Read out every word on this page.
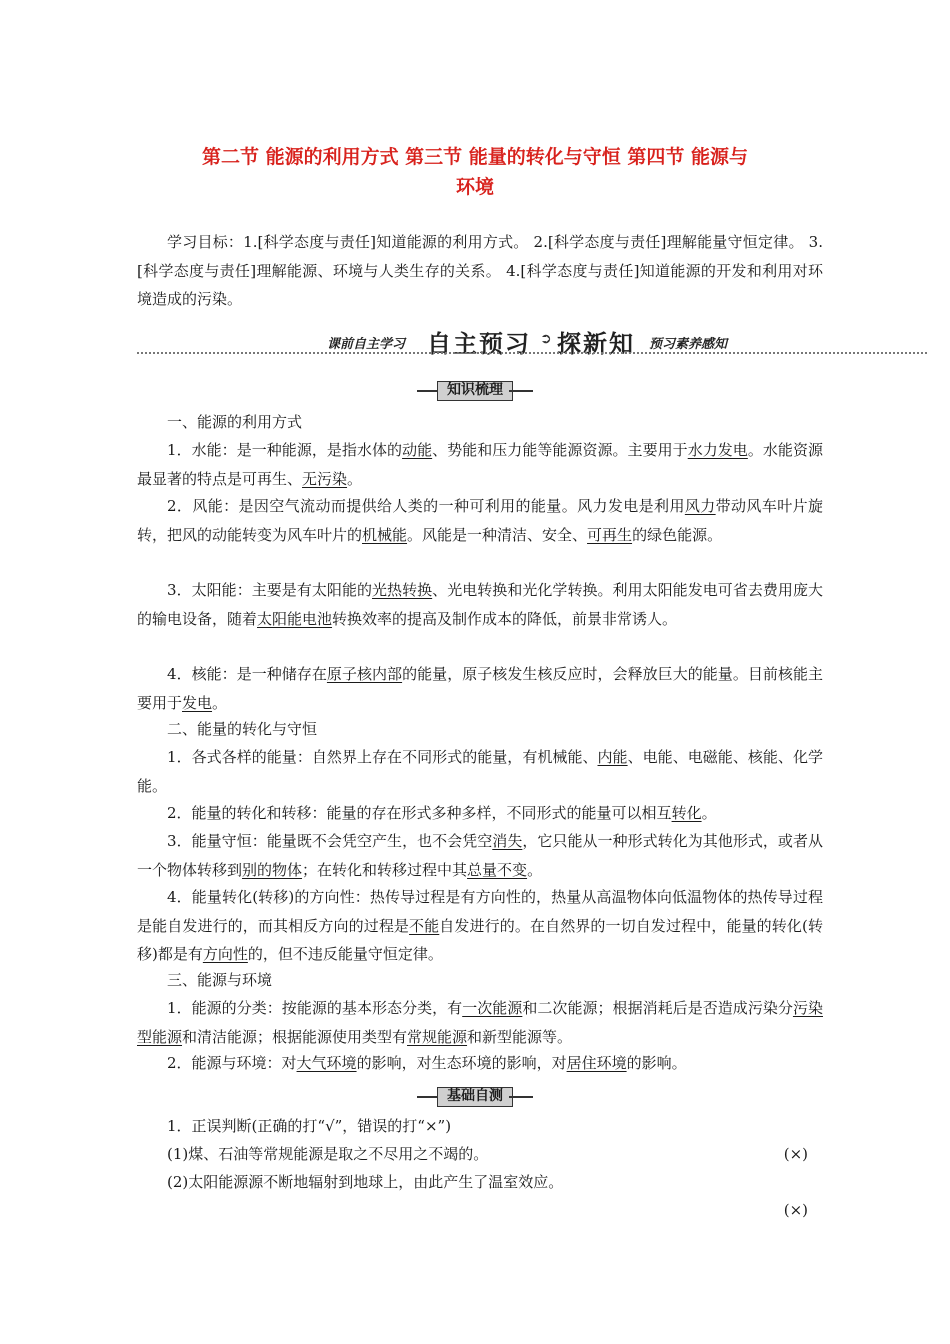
第二节 能源的利用方式 第三节 能量的转化与守恒 第四节 能源与
环境
学习目标：1.[科学态度与责任]知道能源的利用方式。 2.[科学态度与责任]理解能量守恒定律。 3.[科学态度与责任]理解能源、环境与人类生存的关系。 4.[科学态度与责任]知道能源的开发和利用对环境造成的污染。
课前自主学习 自主预习 ➲ 探新知 预习素养感知
知识梳理
一、能源的利用方式
1．水能：是一种能源，是指水体的动能、势能和压力能等能源资源。主要用于水力发电。水能资源最显著的特点是可再生、无污染。
2．风能：是因空气流动而提供给人类的一种可利用的能量。风力发电是利用风力带动风车叶片旋转，把风的动能转变为风车叶片的机械能。风能是一种清洁、安全、可再生的绿色能源。
3．太阳能：主要是有太阳能的光热转换、光电转换和光化学转换。利用太阳能发电可省去费用庞大的输电设备，随着太阳能电池转换效率的提高及制作成本的降低，前景非常诱人。
4．核能：是一种储存在原子核内部的能量，原子核发生核反应时，会释放巨大的能量。目前核能主要用于发电。
二、能量的转化与守恒
1．各式各样的能量：自然界上存在不同形式的能量，有机械能、内能、电能、电磁能、核能、化学能。
2．能量的转化和转移：能量的存在形式多种多样，不同形式的能量可以相互转化。
3．能量守恒：能量既不会凭空产生，也不会凭空消失，它只能从一种形式转化为其他形式，或者从一个物体转移到别的物体；在转化和转移过程中其总量不变。
4．能量转化(转移)的方向性：热传导过程是有方向性的，热量从高温物体向低温物体的热传导过程是能自发进行的，而其相反方向的过程是不能自发进行的。在自然界的一切自发过程中，能量的转化(转移)都是有方向性的，但不违反能量守恒定律。
三、能源与环境
1．能源的分类：按能源的基本形态分类，有一次能源和二次能源；根据消耗后是否造成污染分污染型能源和清洁能源；根据能源使用类型有常规能源和新型能源等。
2．能源与环境：对大气环境的影响，对生态环境的影响，对居住环境的影响。
基础自测
1．正误判断(正确的打“√”，错误的打“×”)
(1)煤、石油等常规能源是取之不尽用之不竭的。	(×)
(2)太阳能源源不断地辐射到地球上，由此产生了温室效应。
(×)
